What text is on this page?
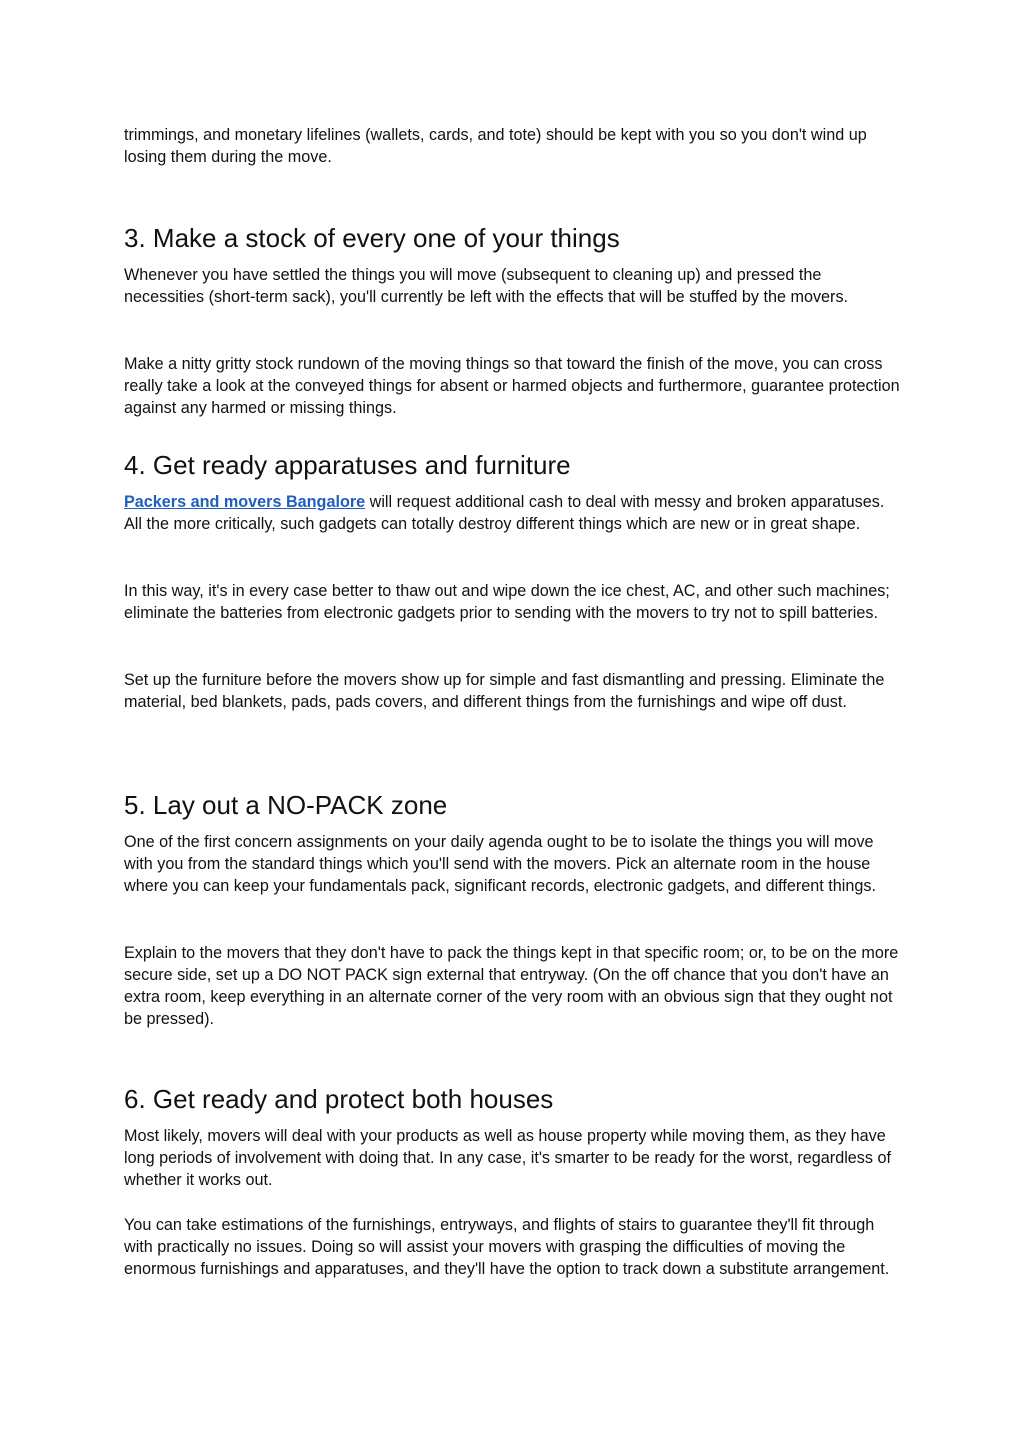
trimmings, and monetary lifelines (wallets, cards, and tote) should be kept with you so you don't wind up losing them during the move.

3. Make a stock of every one of your things

Whenever you have settled the things you will move (subsequent to cleaning up) and pressed the necessities (short-term sack), you'll currently be left with the effects that will be stuffed by the movers.

Make a nitty gritty stock rundown of the moving things so that toward the finish of the move, you can cross really take a look at the conveyed things for absent or harmed objects and furthermore, guarantee protection against any harmed or missing things.

4. Get ready apparatuses and furniture

Packers and movers Bangalore will request additional cash to deal with messy and broken apparatuses. All the more critically, such gadgets can totally destroy different things which are new or in great shape.

In this way, it's in every case better to thaw out and wipe down the ice chest, AC, and other such machines; eliminate the batteries from electronic gadgets prior to sending with the movers to try not to spill batteries.

Set up the furniture before the movers show up for simple and fast dismantling and pressing. Eliminate the material, bed blankets, pads, pads covers, and different things from the furnishings and wipe off dust.

5. Lay out a NO-PACK zone

One of the first concern assignments on your daily agenda ought to be to isolate the things you will move with you from the standard things which you'll send with the movers. Pick an alternate room in the house where you can keep your fundamentals pack, significant records, electronic gadgets, and different things.

Explain to the movers that they don't have to pack the things kept in that specific room; or, to be on the more secure side, set up a DO NOT PACK sign external that entryway. (On the off chance that you don't have an extra room, keep everything in an alternate corner of the very room with an obvious sign that they ought not be pressed).

6. Get ready and protect both houses

Most likely, movers will deal with your products as well as house property while moving them, as they have long periods of involvement with doing that. In any case, it's smarter to be ready for the worst, regardless of whether it works out.

You can take estimations of the furnishings, entryways, and flights of stairs to guarantee they'll fit through with practically no issues. Doing so will assist your movers with grasping the difficulties of moving the enormous furnishings and apparatuses, and they'll have the option to track down a substitute arrangement.
